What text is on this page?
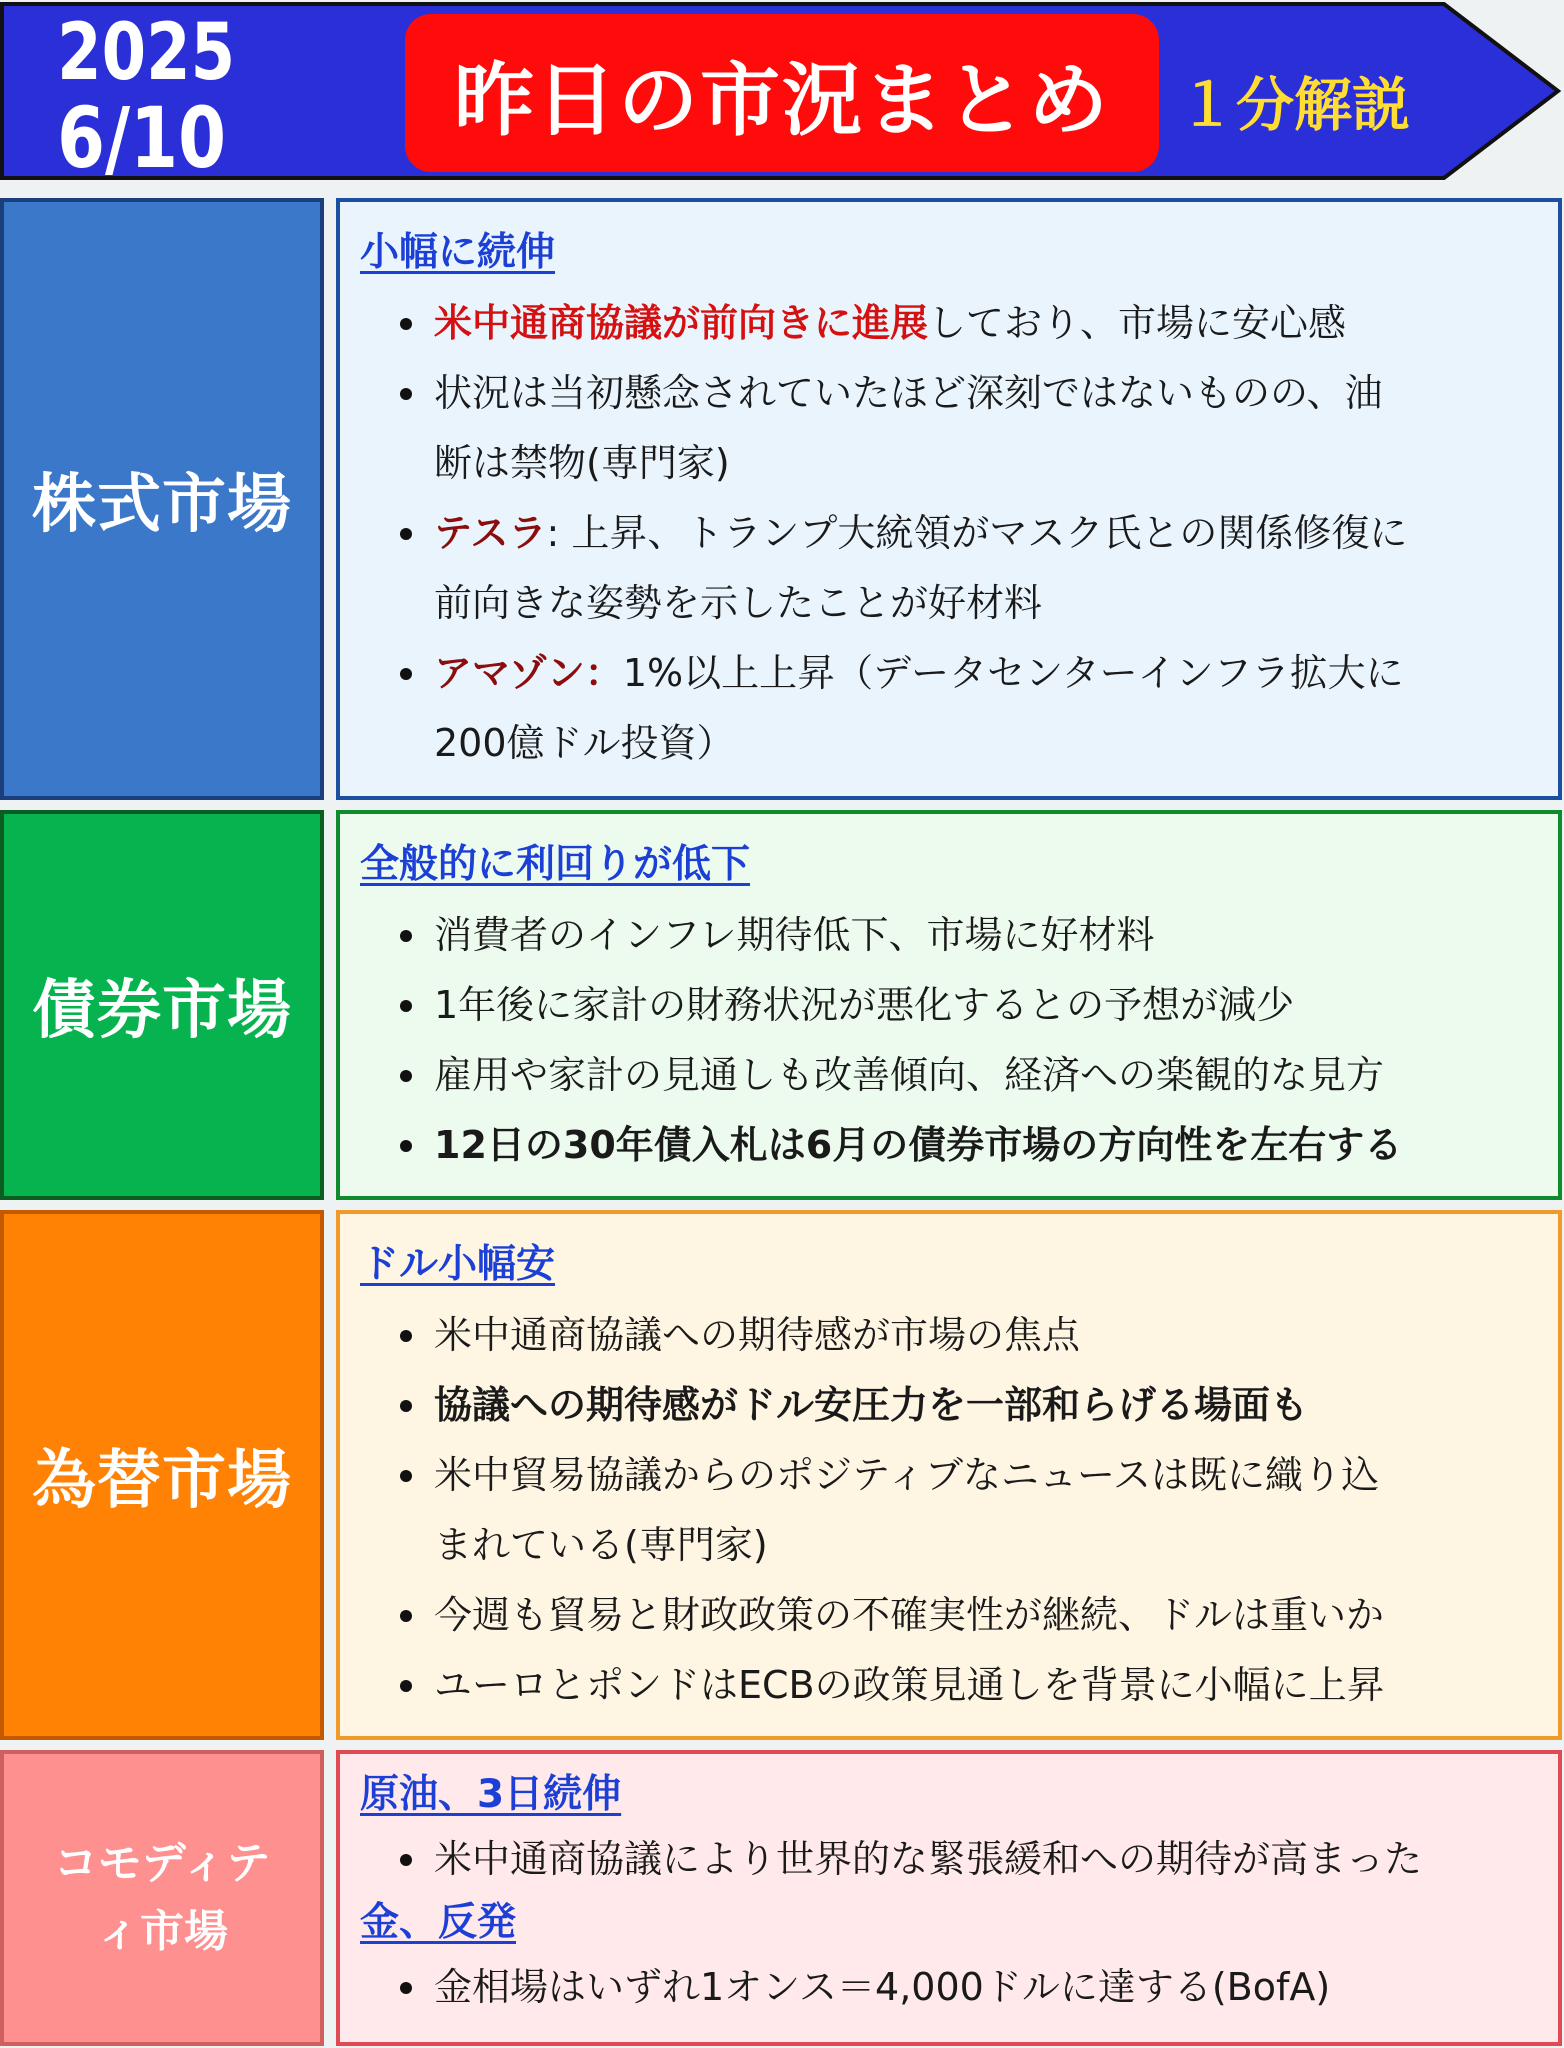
2025
6/10	昨日の市況まとめ １分解説
株式市場
小幅に続伸
米中通商協議が前向きに進展しており、市場に安心感
状況は当初懸念されていたほど深刻ではないものの、油
断は禁物(専門家)
テスラ: 上昇、トランプ大統領がマスク氏との関係修復に
前向きな姿勢を示したことが好材料
アマゾン：1%以上上昇（データセンターインフラ拡大に
200億ドル投資）
債券市場
全般的に利回りが低下
消費者のインフレ期待低下、市場に好材料
1年後に家計の財務状況が悪化するとの予想が減少
雇用や家計の見通しも改善傾向、経済への楽観的な見方
12日の30年債入札は6月の債券市場の方向性を左右する
為替市場
ドル小幅安
米中通商協議への期待感が市場の焦点
協議への期待感がドル安圧力を一部和らげる場面も
米中貿易協議からのポジティブなニュースは既に織り込
まれている(専門家)
今週も貿易と財政政策の不確実性が継続、ドルは重いか
ユーロとポンドはECBの政策見通しを背景に小幅に上昇
コモディテ
ィ市場
原油、3日続伸
米中通商協議により世界的な緊張緩和への期待が高まった
金、反発
金相場はいずれ1オンス＝4,000ドルに達する(BofA)
